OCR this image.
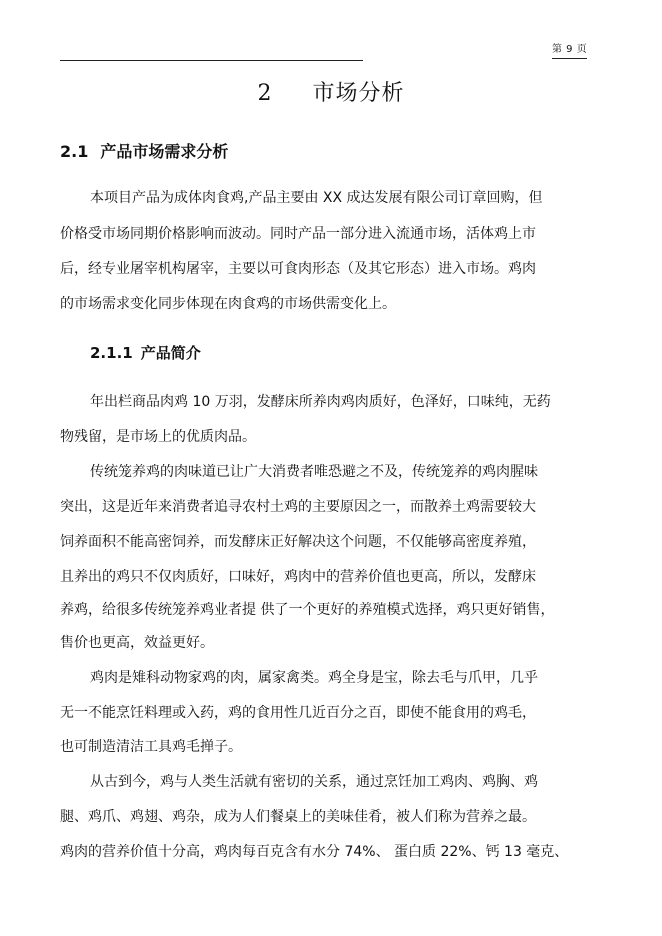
第 9 页
2 市场分析
2.1 产品市场需求分析
本项目产品为成体肉食鸡,产品主要由 XX 成达发展有限公司订章回购，但
价格受市场同期价格影响而波动。同时产品一部分进入流通市场，活体鸡上市
后，经专业屠宰机构屠宰，主要以可食肉形态（及其它形态）进入市场。鸡肉
的市场需求变化同步体现在肉食鸡的市场供需变化上。
2.1.1 产品简介
年出栏商品肉鸡 10 万羽，发酵床所养肉鸡肉质好，色泽好，口味纯，无药
物残留，是市场上的优质肉品。
传统笼养鸡的肉味道已让广大消费者唯恐避之不及，传统笼养的鸡肉腥味
突出，这是近年来消费者追寻农村土鸡的主要原因之一，而散养土鸡需要较大
饲养面积不能高密饲养，而发酵床正好解决这个问题，不仅能够高密度养殖，
且养出的鸡只不仅肉质好，口味好，鸡肉中的营养价值也更高，所以，发酵床
养鸡，给很多传统笼养鸡业者提 供了一个更好的养殖模式选择，鸡只更好销售，
售价也更高，效益更好。
鸡肉是雉科动物家鸡的肉，属家禽类。鸡全身是宝，除去毛与爪甲，几乎
无一不能烹饪料理或入药，鸡的食用性几近百分之百，即使不能食用的鸡毛，
也可制造清洁工具鸡毛掸子。
从古到今，鸡与人类生活就有密切的关系，通过烹饪加工鸡肉、鸡胸、鸡
腿、鸡爪、鸡翅、鸡杂，成为人们餐桌上的美味佳肴，被人们称为营养之最。
鸡肉的营养价值十分高，鸡肉每百克含有水分 74%、 蛋白质 22%、钙 13 毫克、
